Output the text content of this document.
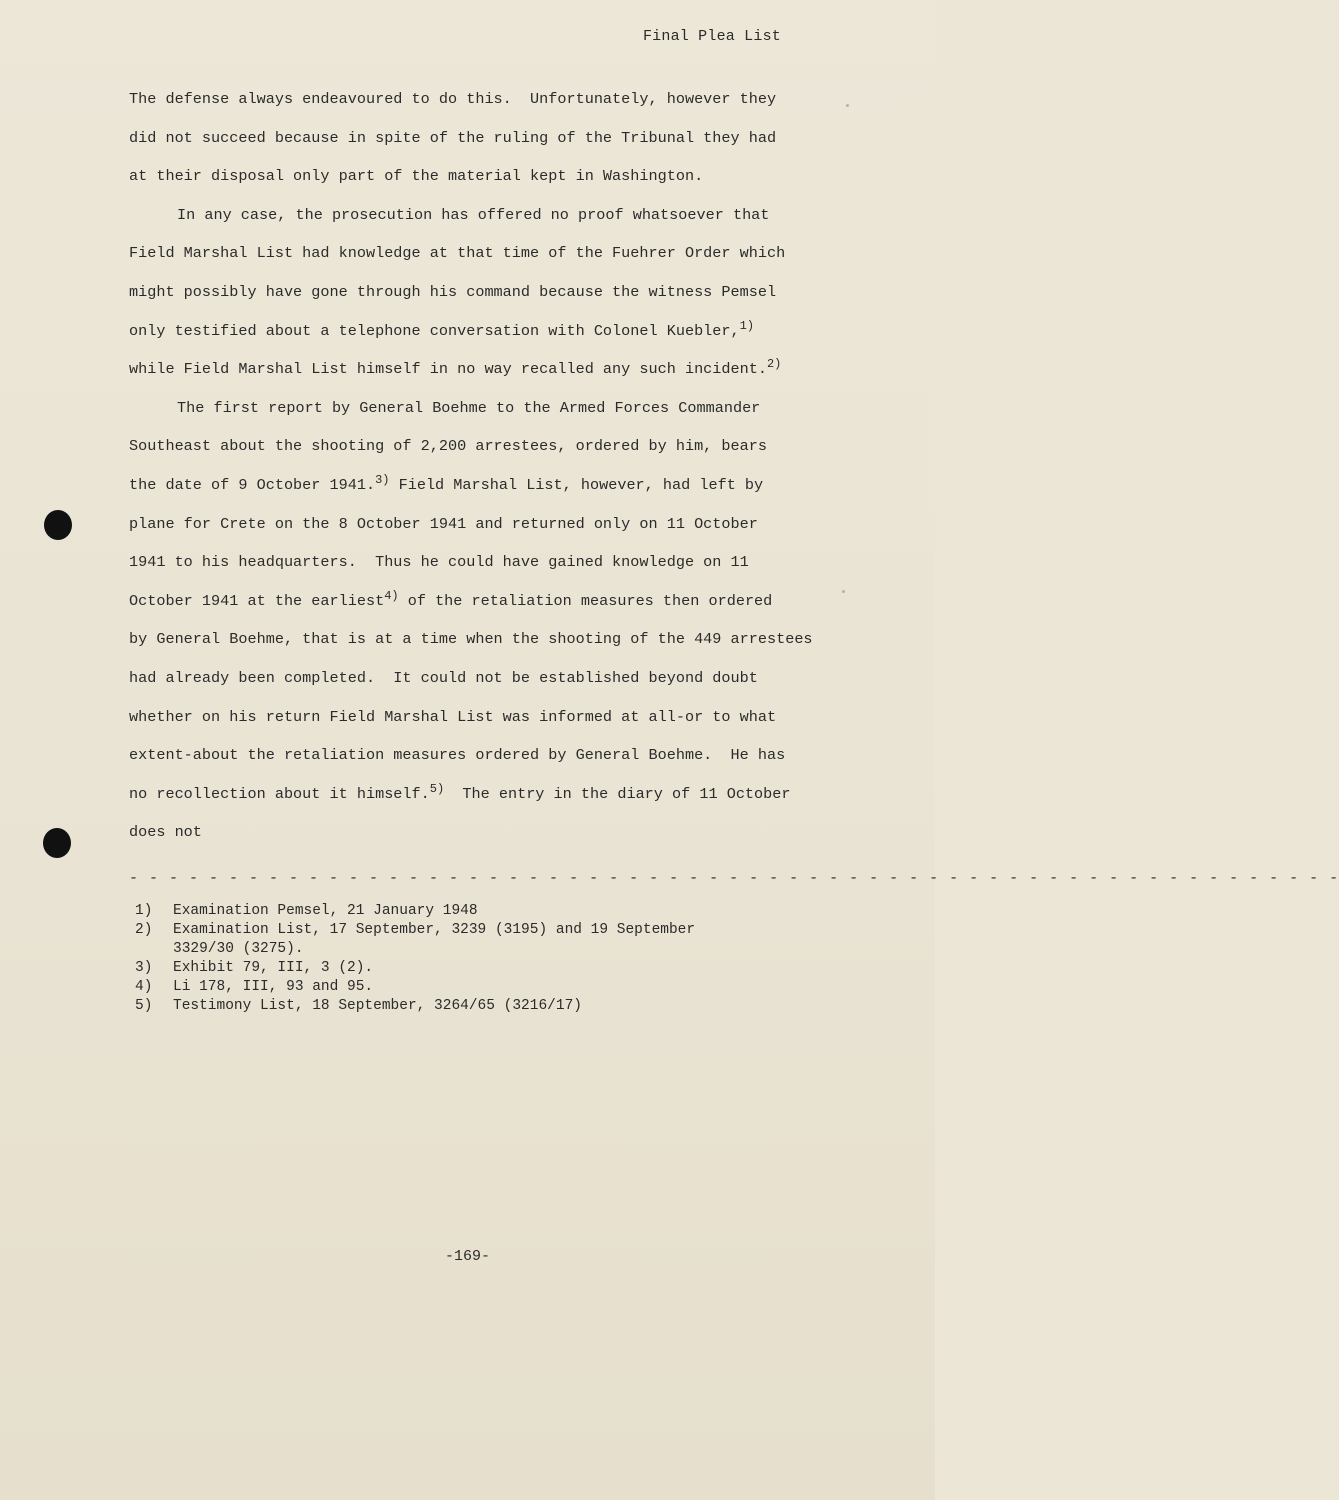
Final Plea List

The defense always endeavoured to do this.  Unfortunately, however they

did not succeed because in spite of the ruling of the Tribunal they had

at their disposal only part of the material kept in Washington.

In any case, the prosecution has offered no proof whatsoever that

Field Marshal List had knowledge at that time of the Fuehrer Order which

might possibly have gone through his command because the witness Pemsel

only testified about a telephone conversation with Colonel Kuebler,$^{1)}$

while Field Marshal List himself in no way recalled any such incident.$^{2)}$

The first report by General Boehme to the Armed Forces Commander

Southeast about the shooting of 2,200 arrestees, ordered by him, bears

the date of 9 October 1941.$^{3)}$ Field Marshal List, however, had left by

plane for Crete on the 8 October 1941 and returned only on 11 October

1941 to his headquarters.  Thus he could have gained knowledge on 11

October 1941 at the earliest$^{4)}$ of the retaliation measures then ordered

by General Boehme, that is at a time when the shooting of the 449 arrestees

had already been completed.  It could not be established beyond doubt

whether on his return Field Marshal List was informed at all-or to what

extent-about the retaliation measures ordered by General Boehme.  He has

no recollection about it himself.$^{5)}$  The entry in the diary of 11 October

does not

- - - - - - - - - - - - - - - - - - - - - - - - - - - - - - - - - - - - - - - - - - - - - - - - - - - - - - - - - - - - -
1)	Examination Pemsel, 21 January 1948
2)	Examination List, 17 September, 3239 (3195) and 19 September
3329/30 (3275).
3)	Exhibit 79, III, 3 (2).
4)	Li 178, III, 93 and 95.
5)	Testimony List, 18 September, 3264/65 (3216/17)
-169-
